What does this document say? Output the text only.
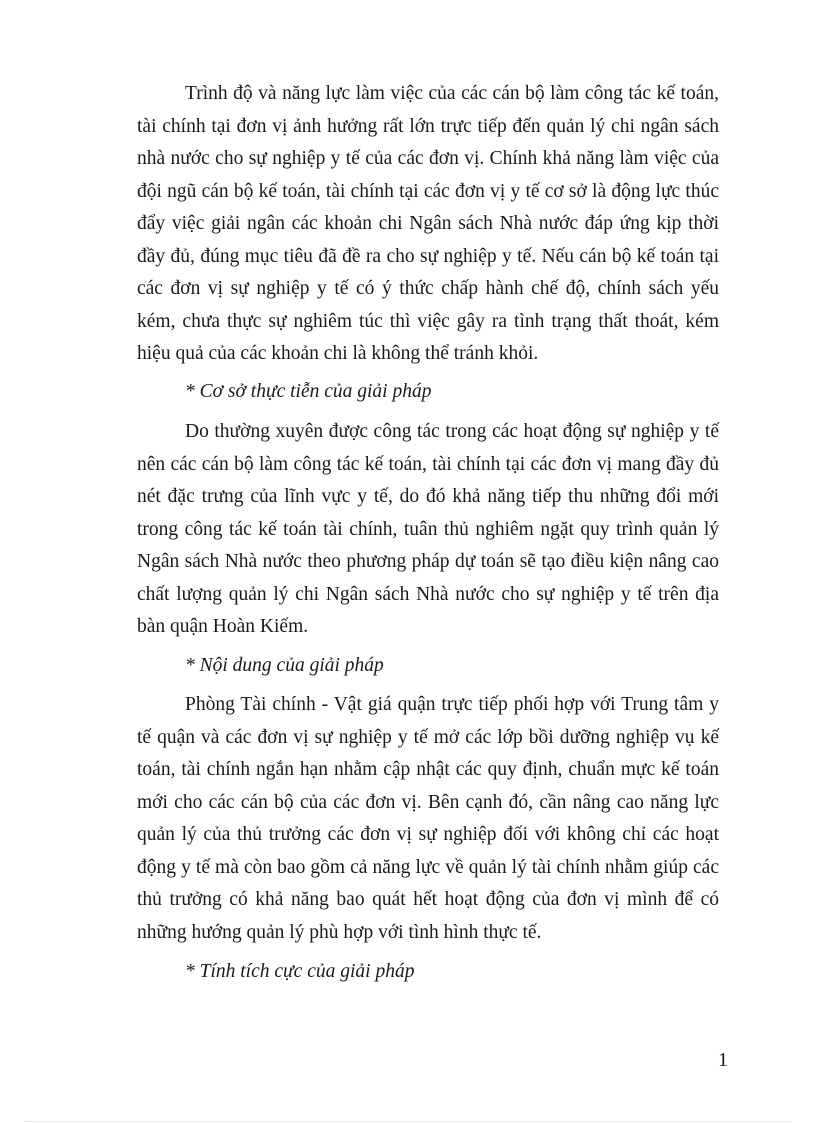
Trình độ và năng lực làm việc của các cán bộ làm công tác kế toán, tài chính tại đơn vị ảnh hưởng rất lớn trực tiếp đến quản lý chi ngân sách nhà nước cho sự nghiệp y tế của các đơn vị. Chính khả năng làm việc của đội ngũ cán bộ kế toán, tài chính tại các đơn vị y tế cơ sở là động lực thúc đẩy việc giải ngân các khoản chi Ngân sách Nhà nước đáp ứng kịp thời đầy đủ, đúng mục tiêu đã đề ra cho sự nghiệp y tế. Nếu cán bộ kế toán tại các đơn vị sự nghiệp y tế có ý thức chấp hành chế độ, chính sách yếu kém, chưa thực sự nghiêm túc thì việc gây ra tình trạng thất thoát, kém hiệu quả của các khoản chi là không thể tránh khỏi.

* Cơ sở thực tiễn của giải pháp

Do thường xuyên được công tác trong các hoạt động sự nghiệp y tế nên các cán bộ làm công tác kế toán, tài chính tại các đơn vị mang đầy đủ nét đặc trưng của lĩnh vực y tế, do đó khả năng tiếp thu những đổi mới trong công tác kế toán tài chính, tuân thủ nghiêm ngặt quy trình quản lý Ngân sách Nhà nước theo phương pháp dự toán sẽ tạo điều kiện nâng cao chất lượng quản lý chi Ngân sách Nhà nước cho sự nghiệp y tế trên địa bàn quận Hoàn Kiếm.

* Nội dung của giải pháp

Phòng Tài chính - Vật giá quận trực tiếp phối hợp với Trung tâm y tế quận và các đơn vị sự nghiệp y tế mở các lớp bồi dưỡng nghiệp vụ kế toán, tài chính ngắn hạn nhằm cập nhật các quy định, chuẩn mực kế toán mới cho các cán bộ của các đơn vị. Bên cạnh đó, cần nâng cao năng lực quản lý của thủ trưởng các đơn vị sự nghiệp đối với không chỉ các hoạt động y tế mà còn bao gồm cả năng lực về quản lý tài chính nhằm giúp các thủ trưởng có khả năng bao quát hết hoạt động của đơn vị mình để có những hướng quản lý phù hợp với tình hình thực tế.

* Tính tích cực của giải pháp

1
